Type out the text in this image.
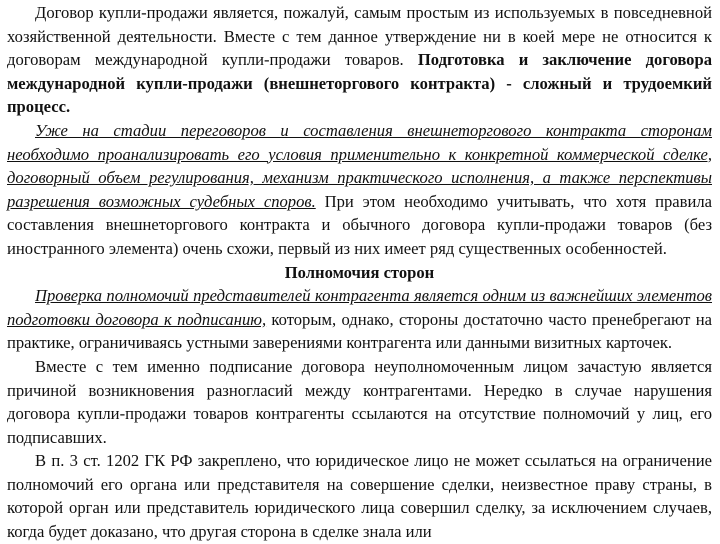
Договор купли-продажи является, пожалуй, самым простым из используемых в повседневной хозяйственной деятельности. Вместе с тем данное утверждение ни в коей мере не относится к договорам международной купли-продажи товаров. Подготовка и заключение договора международной купли-продажи (внешнеторгового контракта) - сложный и трудоемкий процесс.

Уже на стадии переговоров и составления внешнеторгового контракта сторонам необходимо проанализировать его условия применительно к конкретной коммерческой сделке, договорный объем регулирования, механизм практического исполнения, а также перспективы разрешения возможных судебных споров. При этом необходимо учитывать, что хотя правила составления внешнеторгового контракта и обычного договора купли-продажи товаров (без иностранного элемента) очень схожи, первый из них имеет ряд существенных особенностей.

Полномочия сторон

Проверка полномочий представителей контрагента является одним из важнейших элементов подготовки договора к подписанию, которым, однако, стороны достаточно часто пренебрегают на практике, ограничиваясь устными заверениями контрагента или данными визитных карточек.

Вместе с тем именно подписание договора неуполномоченным лицом зачастую является причиной возникновения разногласий между контрагентами. Нередко в случае нарушения договора купли-продажи товаров контрагенты ссылаются на отсутствие полномочий у лиц, его подписавших.

В п. 3 ст. 1202 ГК РФ закреплено, что юридическое лицо не может ссылаться на ограничение полномочий его органа или представителя на совершение сделки, неизвестное праву страны, в которой орган или представитель юридического лица совершил сделку, за исключением случаев, когда будет доказано, что другая сторона в сделке знала или
